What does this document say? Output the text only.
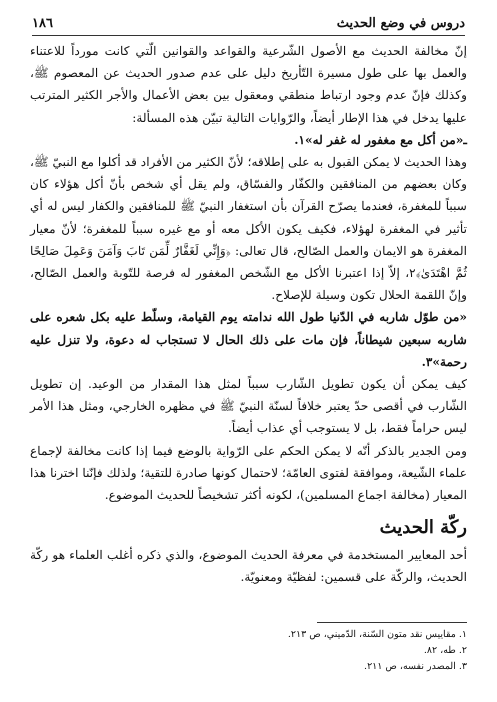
دروس في وضع الحديث
١٨٦

إنّ مخالفة الحديث مع الأصول الشّرعية والقواعد والقوانين الّتي كانت مورداً للاعتناء والعمل بها على طول مسيرة التّأريخ دليل على عدم صدور الحديث عن المعصوم ﷺ، وكذلك فإنّ عدم وجود ارتباط منطقي ومعقول بين بعض الأعمال والأجر الكثير المترتب عليها يدخل في هذا الإطار أيضاً، والرّوايات التالية تبيّن هذه المسألة:

ـ«من أكل مع مغفور له غفر له»١.

وهذا الحديث لا يمكن القبول به على إطلاقه؛ لأنّ الكثير من الأفراد قد أكلوا مع النبيّ ﷺ، وكان بعضهم من المنافقين والكفّار والفسّاق، ولم يقل أي شخص بأنّ أكل هؤلاء كان سبباً للمغفرة، فعندما يصرّح القرآن بأن استغفار النبيّ ﷺ للمنافقين والكفار ليس له أي تأثير في المغفرة لهؤلاء، فكيف يكون الأكل معه أو مع غيره سبباً للمغفرة؛ لأنّ معيار المغفرة هو الايمان والعمل الصّالح، قال تعالى: ﴿وَإِنِّي لَغَفَّارٌ لِّمَن تَابَ وَآمَنَ وَعَمِلَ صَالِحًا ثُمَّ اهْتَدَىٰ﴾٢، إلاّ إذا اعتبرنا الأكل مع الشّخص المغفور له فرصة للتّوبة والعمل الصّالح، وإنّ اللقمة الحلال تكون وسيلة للإصلاح.

«من طوّل شاربه في الدّنيا طول الله ندامته يوم القيامة، وسلّط عليه بكل شعره على شاربه سبعين شيطاناً، فإن مات على ذلك الحال لا تستجاب له دعوة، ولا تنزل عليه رحمة»٣.

كيف يمكن أن يكون تطويل الشّارب سبباً لمثل هذا المقدار من الوعيد. إن تطويل الشّارب في أقصى حدّ يعتبر خلافاً لسنّة النبيّ ﷺ في مظهره الخارجي، ومثل هذا الأمر ليس حراماً فقط، بل لا يستوجب أي عذاب أيضاً.

ومن الجدير بالذكر أنّه لا يمكن الحكم على الرّواية بالوضع فيما إذا كانت مخالفة لإجماع علماء الشّيعة، وموافقة لفتوى العامّة؛ لاحتمال كونها صادرة للتقية؛ ولذلك فإنّنا اخترنا هذا المعيار (مخالفة اجماع المسلمين)، لكونه أكثر تشخيصاً للحديث الموضوع.

ركّة الحديث

أحد المعايير المستخدمة في معرفة الحديث الموضوع، والذي ذكره أغلب العلماء هو ركّة الحديث، والركّة على قسمين: لفظيّة ومعنويّة.

١. مقاييس نقد متون السّنة، الدّميني، ص ٢١٣.
٢. طه، ٨٢.
٣. المصدر نفسه، ص ٢١١.
